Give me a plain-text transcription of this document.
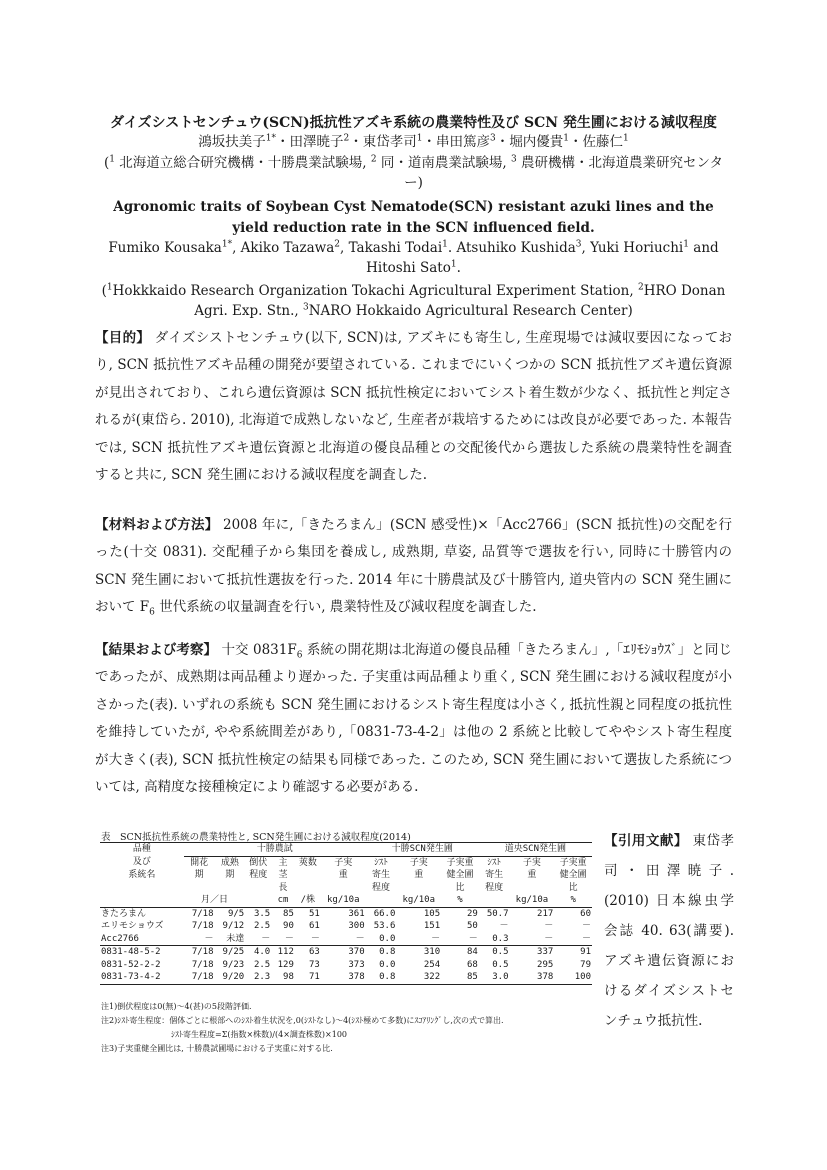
ダイズシストセンチュウ(SCN)抵抗性アズキ系統の農業特性及び SCN 発生圃における減収程度
鴻坂扶美子$^{1*}$・田澤暁子$^2$・東岱孝司$^1$・串田篤彦$^3$・堀内優貴$^1$・佐藤仁$^1$
($^1$ 北海道立総合研究機構・十勝農業試験場, $^2$ 同・道南農業試験場, $^3$ 農研機構・北海道農業研究センター)
Agronomic traits of Soybean Cyst Nematode(SCN) resistant azuki lines and the yield reduction rate in the SCN influenced field.
Fumiko Kousaka$^{1*}$, Akiko Tazawa$^2$, Takashi Todai$^1$. Atsuhiko Kushida$^3$, Yuki Horiuchi$^1$ and Hitoshi Sato$^1$.
($^1$Hokkkaido Research Organization Tokachi Agricultural Experiment Station, $^2$HRO Donan Agri. Exp. Stn., $^3$NARO Hokkaido Agricultural Research Center)
【目的】 ダイズシストセンチュウ(以下, SCN)は, アズキにも寄生し, 生産現場では減収要因になっており, SCN 抵抗性アズキ品種の開発が要望されている. これまでにいくつかの SCN 抵抗性アズキ遺伝資源が見出されており、これら遺伝資源は SCN 抵抗性検定においてシスト着生数が少なく、抵抗性と判定されるが(東岱ら. 2010), 北海道で成熟しないなど, 生産者が栽培するためには改良が必要であった. 本報告では, SCN 抵抗性アズキ遺伝資源と北海道の優良品種との交配後代から選抜した系統の農業特性を調査すると共に, SCN 発生圃における減収程度を調査した.
【材料および方法】 2008 年に,「きたろまん」(SCN 感受性)×「Acc2766」(SCN 抵抗性)の交配を行った(十交 0831). 交配種子から集団を養成し, 成熟期, 草姿, 品質等で選抜を行い, 同時に十勝管内の SCN 発生圃において抵抗性選抜を行った. 2014 年に十勝農試及び十勝管内, 道央管内の SCN 発生圃において $F_6$ 世代系統の収量調査を行い, 農業特性及び減収程度を調査した.
【結果および考察】 十交 $0831F_6$ 系統の開花期は北海道の優良品種「きたろまん」,「ｴﾘﾓｼｮｳｽﾞ」と同じであったが、成熟期は両品種より遅かった. 子実重は両品種より重く, SCN 発生圃における減収程度が小さかった(表). いずれの系統も SCN 発生圃におけるシスト寄生程度は小さく, 抵抗性親と同程度の抵抗性を維持していたが, やや系統間差があり,「0831-73-4-2」は他の 2 系統と比較してややシスト寄生程度が大きく(表), SCN 抵抗性検定の結果も同様であった. このため, SCN 発生圃において選抜した系統については, 高精度な接種検定により確認する必要がある.
表　SCN抵抗性系統の農業特性と, SCN発生圃における減収程度(2014)
品種	十勝農試						十勝SCN発生圃			道央SCN発生圃		
及び	開花	成熟	倒伏	主	莢数	子実	ｼｽﾄ	子実	子実重	ｼｽﾄ	子実	子実重
系統名	期	期	程度	茎		重	寄生	重	健全圃	寄生	重	健全圃
				長			程度		比	程度		比
	月／日			cm	/株	kg/10a		kg/10a	%		kg/10a	%
きたろまん	7/18	9/5	3.5	85	51	361	66.0	105	29	50.7	217	60
エリモショウズ	7/18	9/12	2.5	90	61	300	53.6	151	50	－	－	－
Acc2766	－	未達	－	－	－	－	0.0	－	－	0.3	－	－
0831-48-5-2	7/18	9/25	4.0	112	63	370	0.8	310	84	0.5	337	91
0831-52-2-2	7/18	9/23	2.5	129	73	373	0.0	254	68	0.5	295	79
0831-73-4-2	7/18	9/20	2.3	98	71	378	0.8	322	85	3.0	378	100
注1)倒伏程度は0(無)～4(甚)の5段階評価.
注2)ｼｽﾄ寄生程度：個体ごとに根部へのｼｽﾄ着生状況を,0(ｼｽﾄなし)～4(ｼｽﾄ極めて多数)にｽｺｱﾘﾝｸﾞし,次の式で算出.
ｼｽﾄ寄生程度=Σ(指数×株数)/(4×調査株数)×100
注3)子実重健全圃比は, 十勝農試圃場における子実重に対する比.
【引用文献】 東岱孝司・田澤暁子. (2010) 日本線虫学会誌 40. 63(講要). アズキ遺伝資源におけるダイズシストセンチュウ抵抗性.
